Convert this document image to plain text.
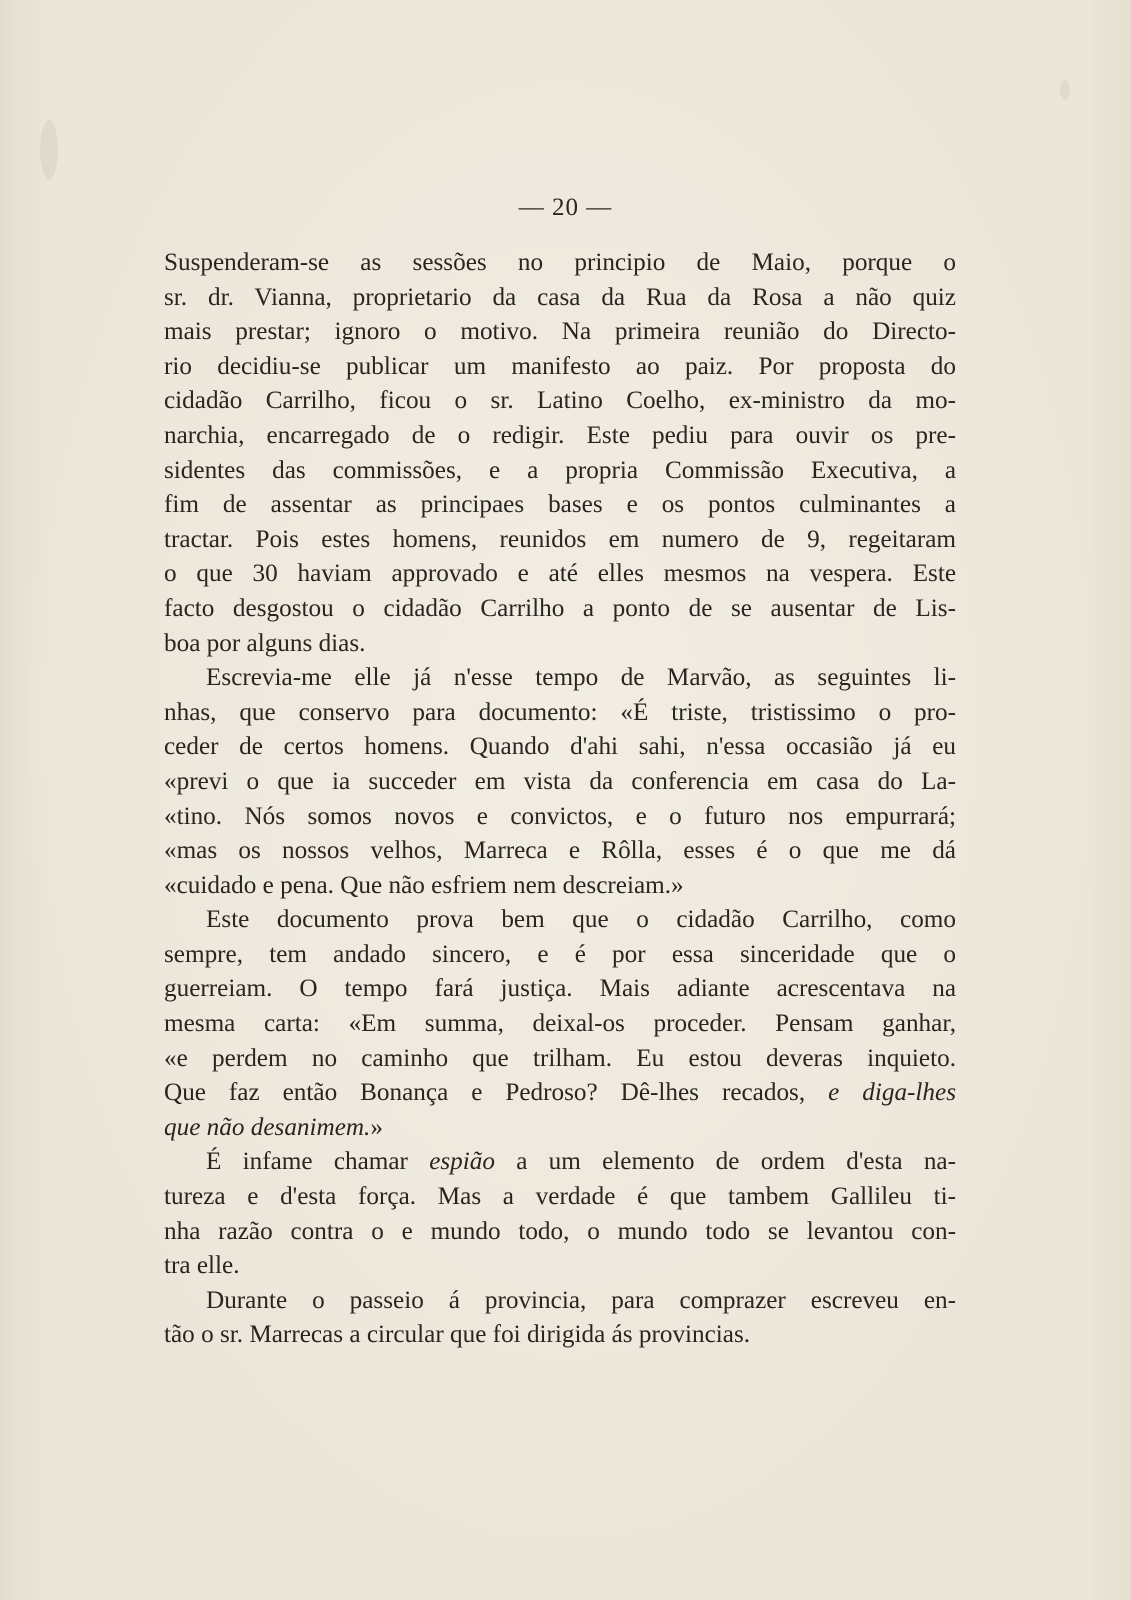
— 20 —
Suspenderam-se as sessões no principio de Maio, porque o
sr. dr. Vianna, proprietario da casa da Rua da Rosa a não quiz
mais prestar; ignoro o motivo. Na primeira reunião do Directo-
rio decidiu-se publicar um manifesto ao paiz. Por proposta do
cidadão Carrilho, ficou o sr. Latino Coelho, ex-ministro da mo-
narchia, encarregado de o redigir. Este pediu para ouvir os pre-
sidentes das commissões, e a propria Commissão Executiva, a
fim de assentar as principaes bases e os pontos culminantes a
tractar. Pois estes homens, reunidos em numero de 9, regeitaram
o que 30 haviam approvado e até elles mesmos na vespera. Este
facto desgostou o cidadão Carrilho a ponto de se ausentar de Lis-
boa por alguns dias.
Escrevia-me elle já n'esse tempo de Marvão, as seguintes li-
nhas, que conservo para documento: «É triste, tristissimo o pro-
ceder de certos homens. Quando d'ahi sahi, n'essa occasião já eu
«previ o que ia succeder em vista da conferencia em casa do La-
«tino. Nós somos novos e convictos, e o futuro nos empurrará;
«mas os nossos velhos, Marreca e Rôlla, esses é o que me dá
«cuidado e pena. Que não esfriem nem descreiam.»
Este documento prova bem que o cidadão Carrilho, como
sempre, tem andado sincero, e é por essa sinceridade que o
guerreiam. O tempo fará justiça. Mais adiante acrescentava na
mesma carta: «Em summa, deixal-os proceder. Pensam ganhar,
«e perdem no caminho que trilham. Eu estou deveras inquieto.
Que faz então Bonança e Pedroso? Dê-lhes recados, e diga-lhes
que não desanimem.»
É infame chamar espião a um elemento de ordem d'esta na-
tureza e d'esta força. Mas a verdade é que tambem Gallileu ti-
nha razão contra o e mundo todo, o mundo todo se levantou con-
tra elle.
Durante o passeio á provincia, para comprazer escreveu en-
tão o sr. Marrecas a circular que foi dirigida ás provincias.
